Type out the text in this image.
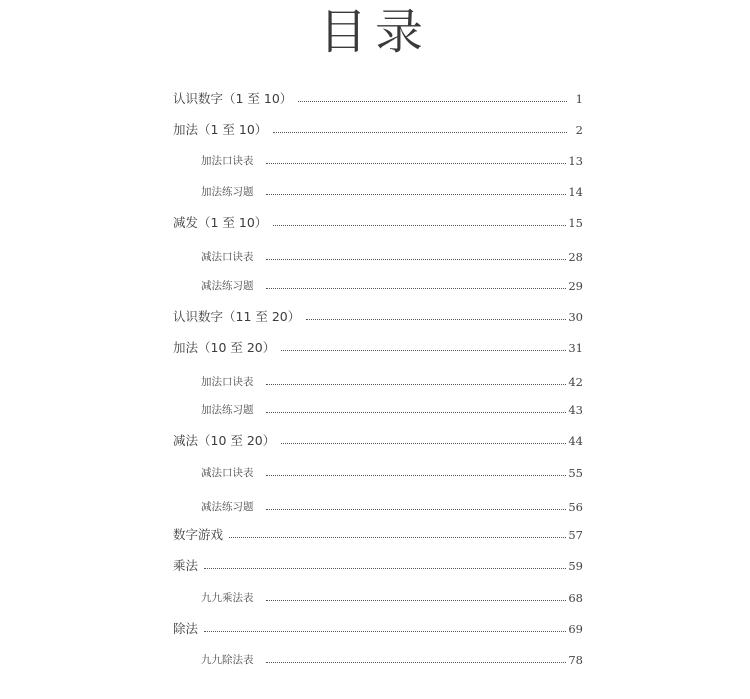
目录
认识数字（1 至 10）	1
加法（1 至 10）	2
加法口诀表	13
加法练习题	14
减发（1 至 10）	15
减法口诀表	28
减法练习题	29
认识数字（11 至 20）	30
加法（10 至 20）	31
加法口诀表	42
加法练习题	43
减法（10 至 20）	44
减法口诀表	55
减法练习题	56
数字游戏	57
乘法	59
九九乘法表	68
除法	69
九九除法表	78
